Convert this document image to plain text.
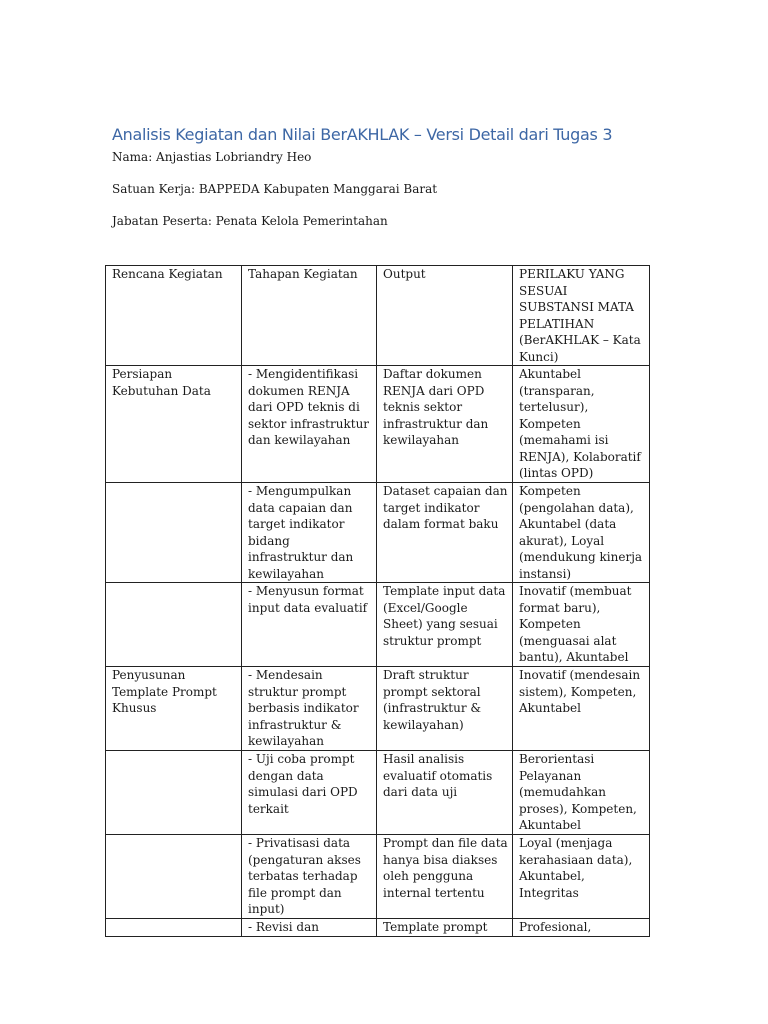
Analisis Kegiatan dan Nilai BerAKHLAK – Versi Detail dari Tugas 3

Nama: Anjastias Lobriandry Heo

Satuan Kerja: BAPPEDA Kabupaten Manggarai Barat

Jabatan Peserta: Penata Kelola Pemerintahan

Rencana Kegiatan	Tahapan Kegiatan	Output	PERILAKU YANG SESUAI SUBSTANSI MATA PELATIHAN (BerAKHLAK – Kata Kunci)
Persiapan Kebutuhan Data	- Mengidentifikasi dokumen RENJA dari OPD teknis di sektor infrastruktur dan kewilayahan	Daftar dokumen RENJA dari OPD teknis sektor infrastruktur dan kewilayahan	Akuntabel (transparan, tertelusur), Kompeten (memahami isi RENJA), Kolaboratif (lintas OPD)
	- Mengumpulkan data capaian dan target indikator bidang infrastruktur dan kewilayahan	Dataset capaian dan target indikator dalam format baku	Kompeten (pengolahan data), Akuntabel (data akurat), Loyal (mendukung kinerja instansi)
	- Menyusun format input data evaluatif	Template input data (Excel/Google Sheet) yang sesuai struktur prompt	Inovatif (membuat format baru), Kompeten (menguasai alat bantu), Akuntabel
Penyusunan Template Prompt Khusus	- Mendesain struktur prompt berbasis indikator infrastruktur & kewilayahan	Draft struktur prompt sektoral (infrastruktur & kewilayahan)	Inovatif (mendesain sistem), Kompeten, Akuntabel
	- Uji coba prompt dengan data simulasi dari OPD terkait	Hasil analisis evaluatif otomatis dari data uji	Berorientasi Pelayanan (memudahkan proses), Kompeten, Akuntabel
	- Privatisasi data (pengaturan akses terbatas terhadap file prompt dan input)	Prompt dan file data hanya bisa diakses oleh pengguna internal tertentu	Loyal (menjaga kerahasiaan data), Akuntabel, Integritas
	- Revisi dan	Template prompt	Profesional,
